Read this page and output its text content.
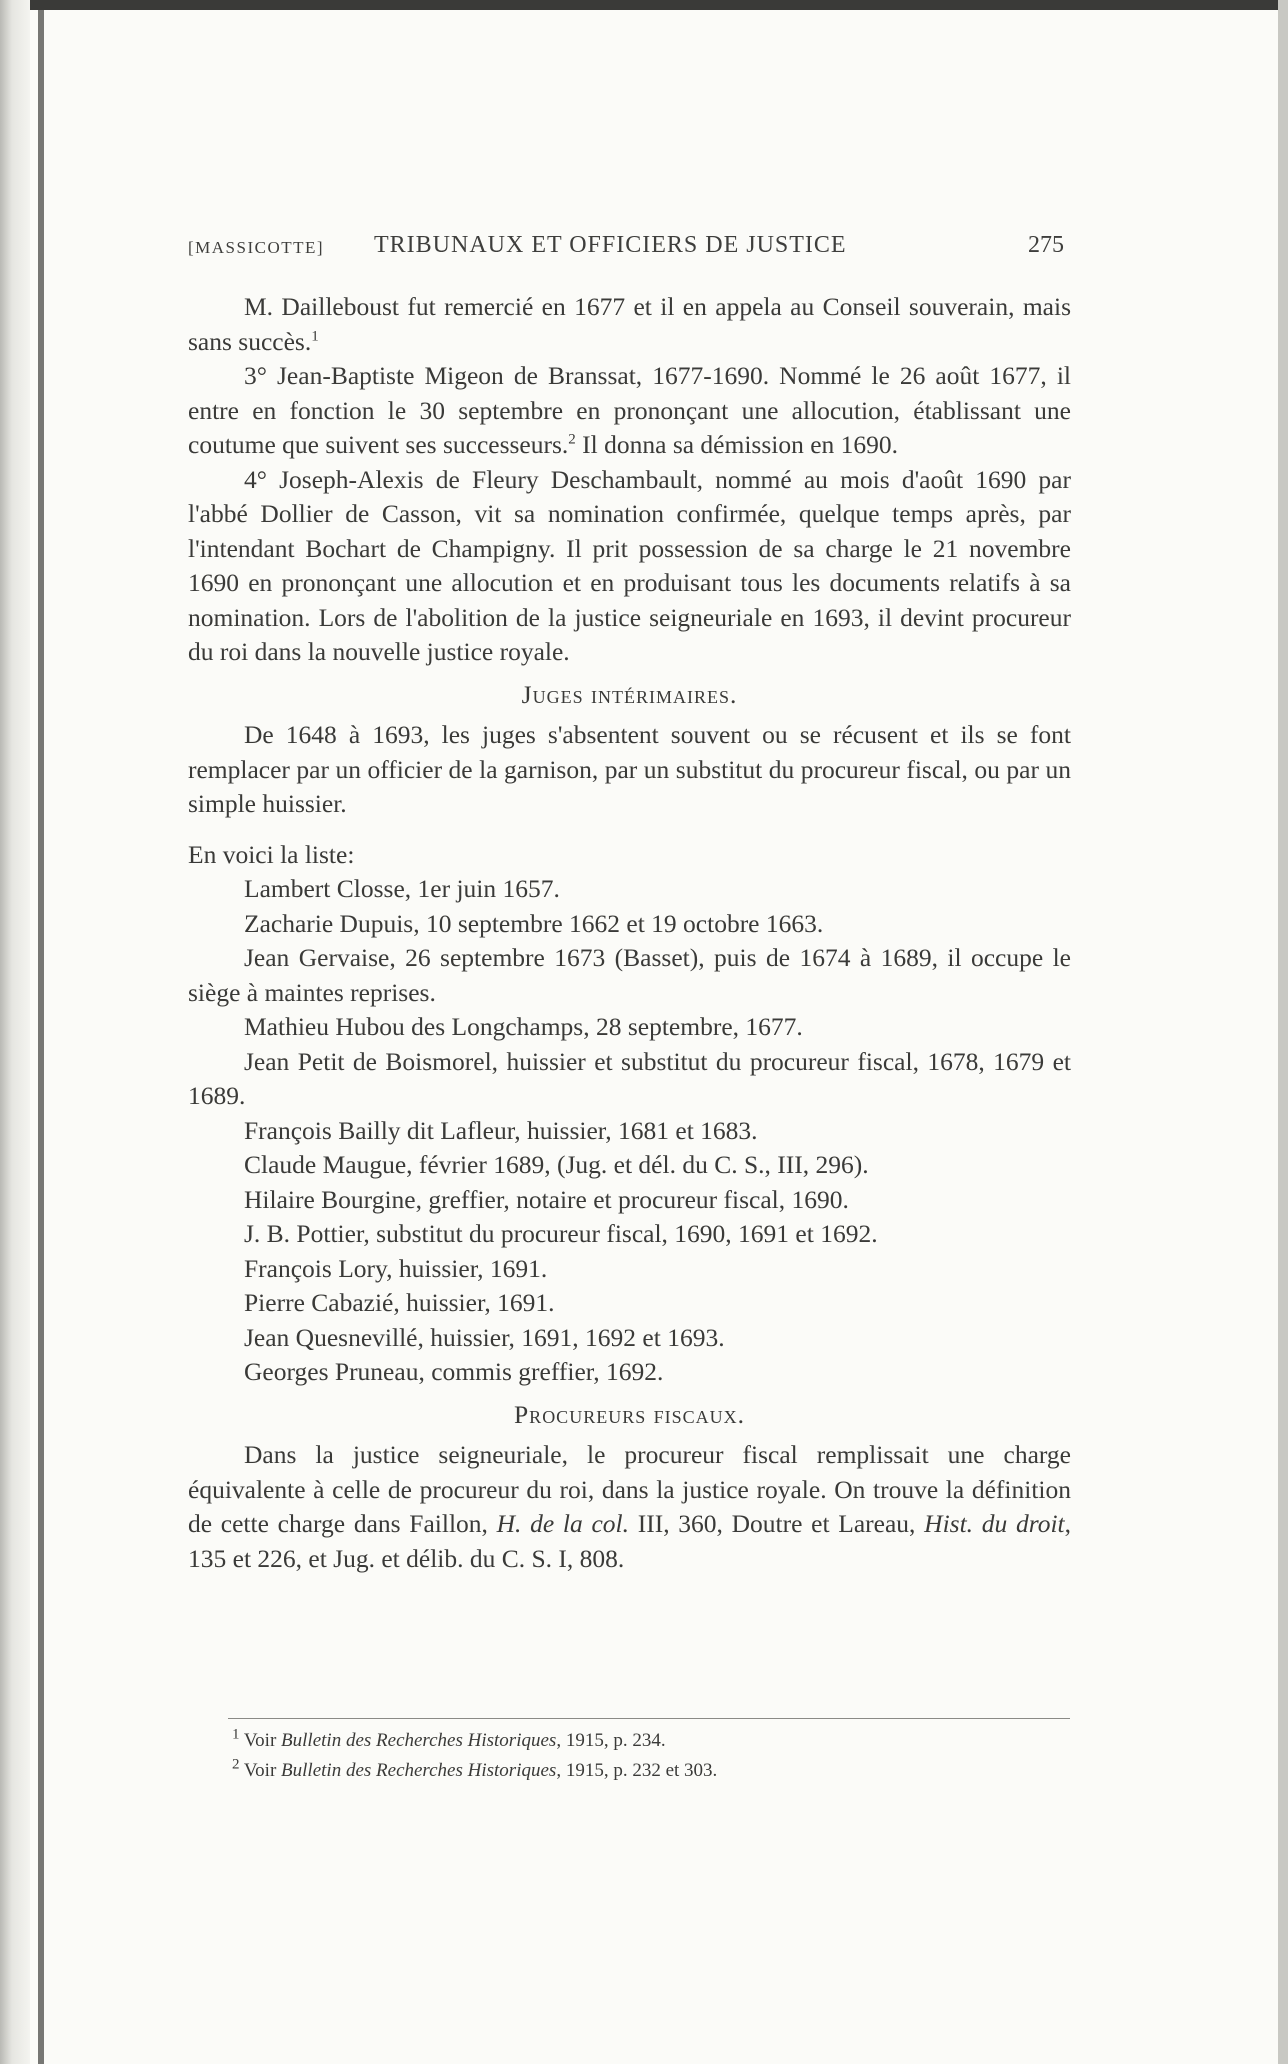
[MASSICOTTE] TRIBUNAUX ET OFFICIERS DE JUSTICE	275

M. Dailleboust fut remercié en 1677 et il en appela au Conseil souverain, mais sans succès.$^1$

3° Jean-Baptiste Migeon de Branssat, 1677-1690. Nommé le 26 août 1677, il entre en fonction le 30 septembre en prononçant une allocution, établissant une coutume que suivent ses successeurs.$^2$ Il donna sa démission en 1690.

4° Joseph-Alexis de Fleury Deschambault, nommé au mois d'août 1690 par l'abbé Dollier de Casson, vit sa nomination confirmée, quelque temps après, par l'intendant Bochart de Champigny. Il prit possession de sa charge le 21 novembre 1690 en prononçant une allocution et en produisant tous les documents relatifs à sa nomination. Lors de l'abolition de la justice seigneuriale en 1693, il devint procureur du roi dans la nouvelle justice royale.

Juges intérimaires.

De 1648 à 1693, les juges s'absentent souvent ou se récusent et ils se font remplacer par un officier de la garnison, par un substitut du procureur fiscal, ou par un simple huissier.

En voici la liste:

Lambert Closse, 1er juin 1657.

Zacharie Dupuis, 10 septembre 1662 et 19 octobre 1663.

Jean Gervaise, 26 septembre 1673 (Basset), puis de 1674 à 1689, il occupe le siège à maintes reprises.

Mathieu Hubou des Longchamps, 28 septembre, 1677.

Jean Petit de Boismorel, huissier et substitut du procureur fiscal, 1678, 1679 et 1689.

François Bailly dit Lafleur, huissier, 1681 et 1683.

Claude Maugue, février 1689, (Jug. et dél. du C. S., III, 296).

Hilaire Bourgine, greffier, notaire et procureur fiscal, 1690.

J. B. Pottier, substitut du procureur fiscal, 1690, 1691 et 1692.

François Lory, huissier, 1691.

Pierre Cabazié, huissier, 1691.

Jean Quesnevillé, huissier, 1691, 1692 et 1693.

Georges Pruneau, commis greffier, 1692.

Procureurs fiscaux.

Dans la justice seigneuriale, le procureur fiscal remplissait une charge équivalente à celle de procureur du roi, dans la justice royale. On trouve la définition de cette charge dans Faillon, H. de la col. III, 360, Doutre et Lareau, Hist. du droit, 135 et 226, et Jug. et délib. du C. S. I, 808.

$^1$ Voir Bulletin des Recherches Historiques, 1915, p. 234.

$^2$ Voir Bulletin des Recherches Historiques, 1915, p. 232 et 303.
